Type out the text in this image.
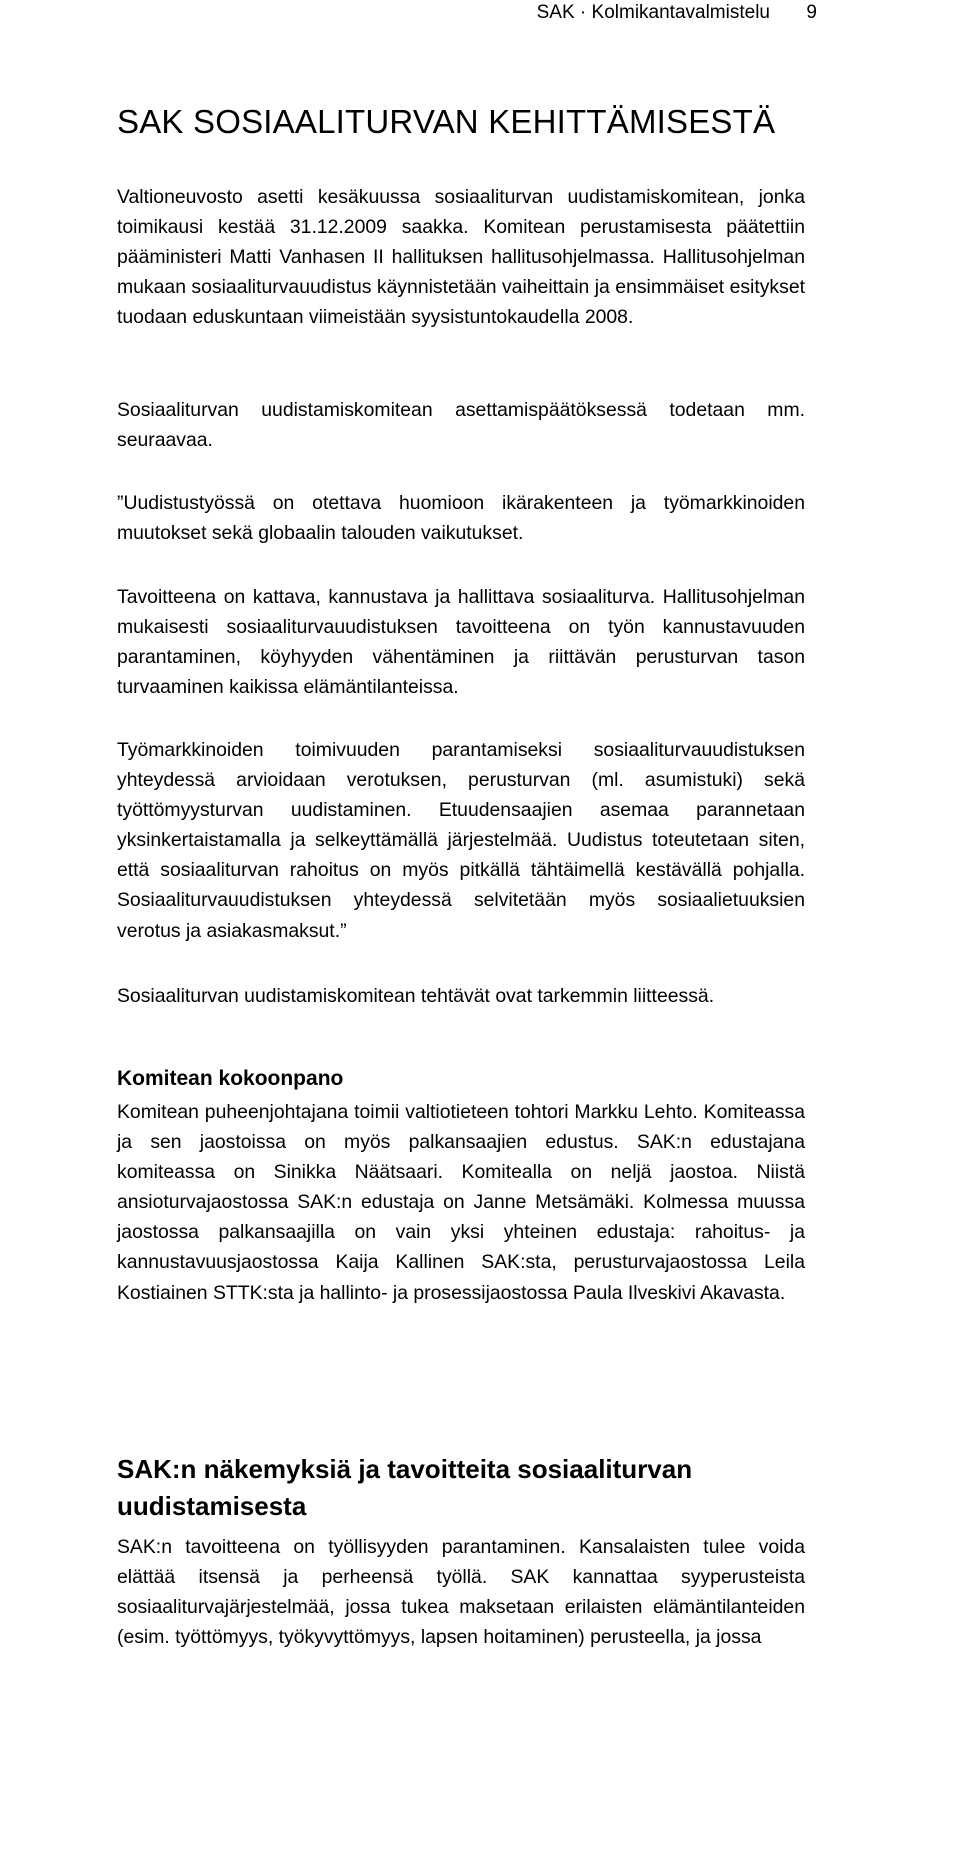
SAK · Kolmikantavalmistelu 9
SAK SOSIAALITURVAN KEHITTÄMISESTÄ

Valtioneuvosto asetti kesäkuussa sosiaaliturvan uudistamiskomitean, jonka toimikausi kestää 31.12.2009 saakka. Komitean perustamisesta päätettiin pääministeri Matti Vanhasen II hallituksen hallitusohjelmassa. Hallitusohjelman mukaan sosiaaliturvauudistus käynnistetään vaiheittain ja ensimmäiset esitykset tuodaan eduskuntaan viimeistään syysistuntokaudella 2008.

Sosiaaliturvan uudistamiskomitean asettamispäätöksessä todetaan mm. seuraavaa.

”Uudistustyössä on otettava huomioon ikärakenteen ja työmarkkinoiden muutokset sekä globaalin talouden vaikutukset.

Tavoitteena on kattava, kannustava ja hallittava sosiaaliturva. Hallitusohjelman mukaisesti sosiaaliturvauudistuksen tavoitteena on työn kannustavuuden parantaminen, köyhyyden vähentäminen ja riittävän perusturvan tason turvaaminen kaikissa elämäntilanteissa.

Työmarkkinoiden toimivuuden parantamiseksi sosiaaliturvauudistuksen yhteydessä arvioidaan verotuksen, perusturvan (ml. asumistuki) sekä työttömyysturvan uudistaminen. Etuudensaajien asemaa parannetaan yksinkertaistamalla ja selkeyttämällä järjestelmää. Uudistus toteutetaan siten, että sosiaaliturvan rahoitus on myös pitkällä tähtäimellä kestävällä pohjalla. Sosiaaliturvauudistuksen yhteydessä selvitetään myös sosiaalietuuksien verotus ja asiakasmaksut.”

Sosiaaliturvan uudistamiskomitean tehtävät ovat tarkemmin liitteessä.

Komitean kokoonpano

Komitean puheenjohtajana toimii valtiotieteen tohtori Markku Lehto. Komiteassa ja sen jaostoissa on myös palkansaajien edustus. SAK:n edustajana komiteassa on Sinikka Näätsaari. Komitealla on neljä jaostoa. Niistä ansioturvajaostossa SAK:n edustaja on Janne Metsämäki. Kolmessa muussa jaostossa palkansaajilla on vain yksi yhteinen edustaja: rahoitus- ja kannustavuusjaostossa Kaija Kallinen SAK:sta, perusturvajaostossa Leila Kostiainen STTK:sta ja hallinto- ja prosessijaostossa Paula Ilveskivi Akavasta.

SAK:n näkemyksiä ja tavoitteita sosiaaliturvan uudistamisesta

SAK:n tavoitteena on työllisyyden parantaminen. Kansalaisten tulee voida elättää itsensä ja perheensä työllä. SAK kannattaa syyperusteista sosiaaliturvajärjestelmää, jossa tukea maksetaan erilaisten elämäntilanteiden (esim. työttömyys, työkyvyttömyys, lapsen hoitaminen) perusteella, ja jossa
